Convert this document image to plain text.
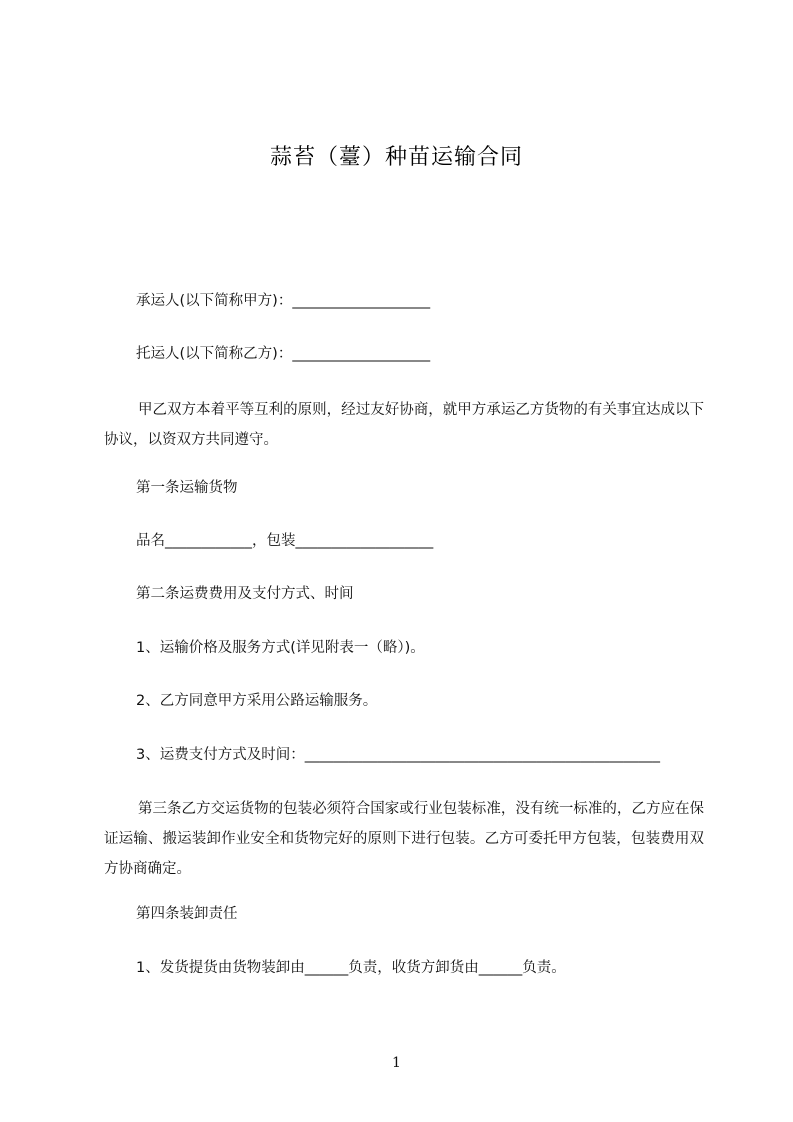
蒜苔（薹）种苗运输合同
承运人(以下简称甲方)：___________________
托运人(以下简称乙方)：___________________
甲乙双方本着平等互利的原则，经过友好协商，就甲方承运乙方货物的有关事宜达成以下协议，以资双方共同遵守。
第一条运输货物
品名____________，包装___________________
第二条运费费用及支付方式、时间
1、运输价格及服务方式(详见附表一（略）)。
2、乙方同意甲方采用公路运输服务。
3、运费支付方式及时间：_________________________________________________
第三条乙方交运货物的包装必须符合国家或行业包装标准，没有统一标准的，乙方应在保证运输、搬运装卸作业安全和货物完好的原则下进行包装。乙方可委托甲方包装，包装费用双方协商确定。
第四条装卸责任
1、发货提货由货物装卸由______负责，收货方卸货由______负责。
1
